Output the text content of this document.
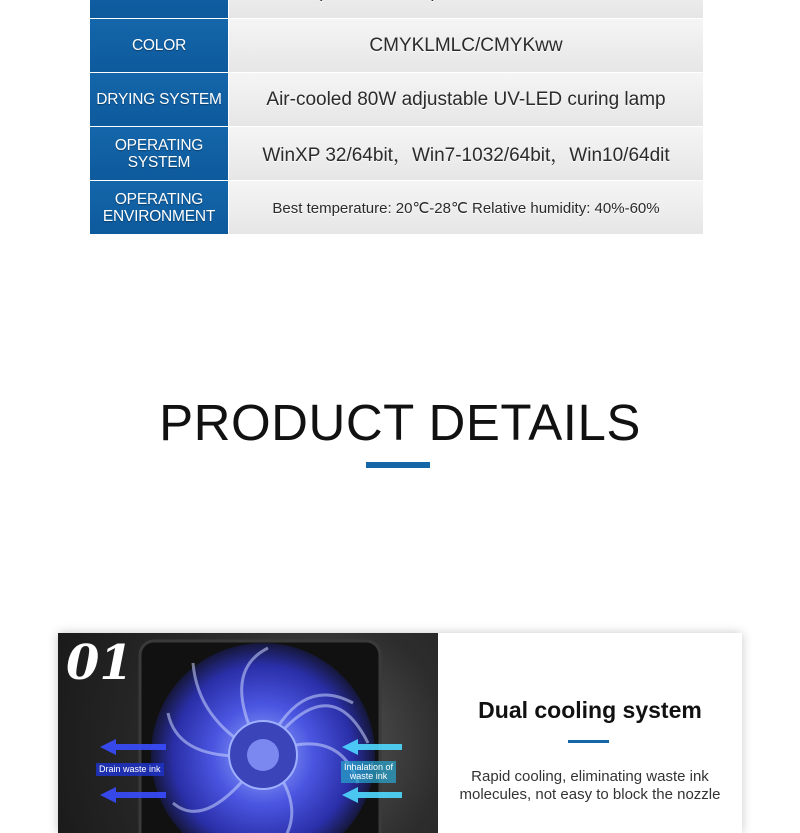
COLOR	CMYKLMLC/CMYKww
DRYING SYSTEM	Air-cooled 80W adjustable UV-LED curing lamp
OPERATING
SYSTEM	WinXP 32/64bit，Win7-1032/64bit，Win10/64dit
OPERATING
ENVIRONMENT	Best temperature: 20℃-28℃ Relative humidity: 40%-60%
PRODUCT DETAILS
01
Drain waste ink	Inhalation of
waste ink
Dual cooling system

Rapid cooling, eliminating waste ink molecules, not easy to block the nozzle
